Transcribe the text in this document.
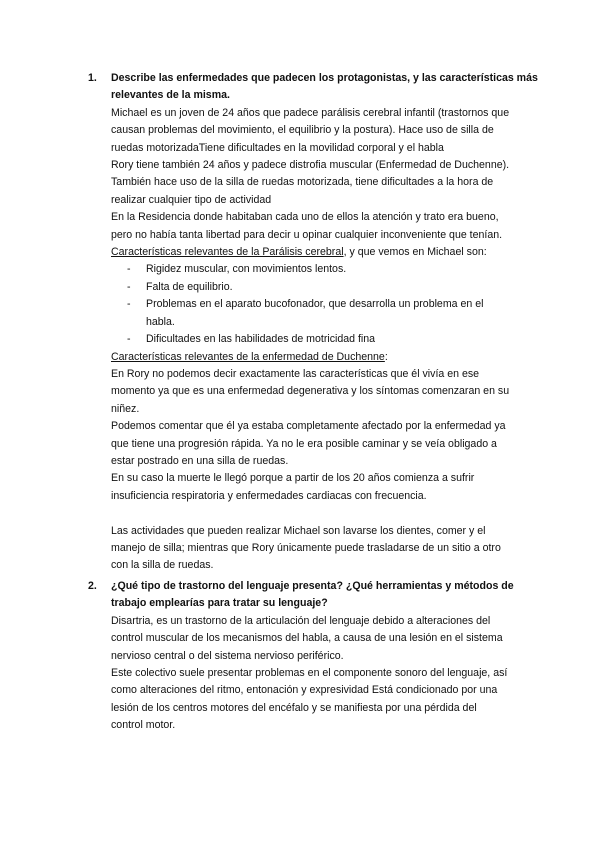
1. Describe las enfermedades que padecen los protagonistas, y las características más
relevantes de la misma.
Michael es un joven de 24 años que padece parálisis cerebral infantil (trastornos que
causan problemas del movimiento, el equilibrio y la postura). Hace uso de silla de
ruedas motorizadaTiene dificultades en la movilidad corporal y el habla
Rory tiene también 24 años y padece distrofia muscular (Enfermedad de Duchenne).
También hace uso de la silla de ruedas motorizada, tiene dificultades a la hora de
realizar cualquier tipo de actividad
En la Residencia donde habitaban cada uno de ellos la atención y trato era bueno,
pero no había tanta libertad para decir u opinar cualquier inconveniente que tenían.
Características relevantes de la Parálisis cerebral, y que vemos en Michael son:
- Rigidez muscular, con movimientos lentos.
- Falta de equilibrio.
- Problemas en el aparato bucofonador, que desarrolla un problema en el
habla.
- Dificultades en las habilidades de motricidad fina
Características relevantes de la enfermedad de Duchenne:
En Rory no podemos decir exactamente las características que él vivía en ese
momento ya que es una enfermedad degenerativa y los síntomas comenzaran en su
niñez.
Podemos comentar que él ya estaba completamente afectado por la enfermedad ya
que tiene una progresión rápida. Ya no le era posible caminar y se veía obligado a
estar postrado en una silla de ruedas.
En su caso la muerte le llegó porque a partir de los 20 años comienza a sufrir
insuficiencia respiratoria y enfermedades cardiacas con frecuencia.
Las actividades que pueden realizar Michael son lavarse los dientes, comer y el
manejo de silla; mientras que Rory únicamente puede trasladarse de un sitio a otro
con la silla de ruedas.
2. ¿Qué tipo de trastorno del lenguaje presenta? ¿Qué herramientas y métodos de
trabajo emplearías para tratar su lenguaje?
Disartria, es un trastorno de la articulación del lenguaje debido a alteraciones del
control muscular de los mecanismos del habla, a causa de una lesión en el sistema
nervioso central o del sistema nervioso periférico.
Este colectivo suele presentar problemas en el componente sonoro del lenguaje, así
como alteraciones del ritmo, entonación y expresividad Está condicionado por una
lesión de los centros motores del encéfalo y se manifiesta por una pérdida del
control motor.
